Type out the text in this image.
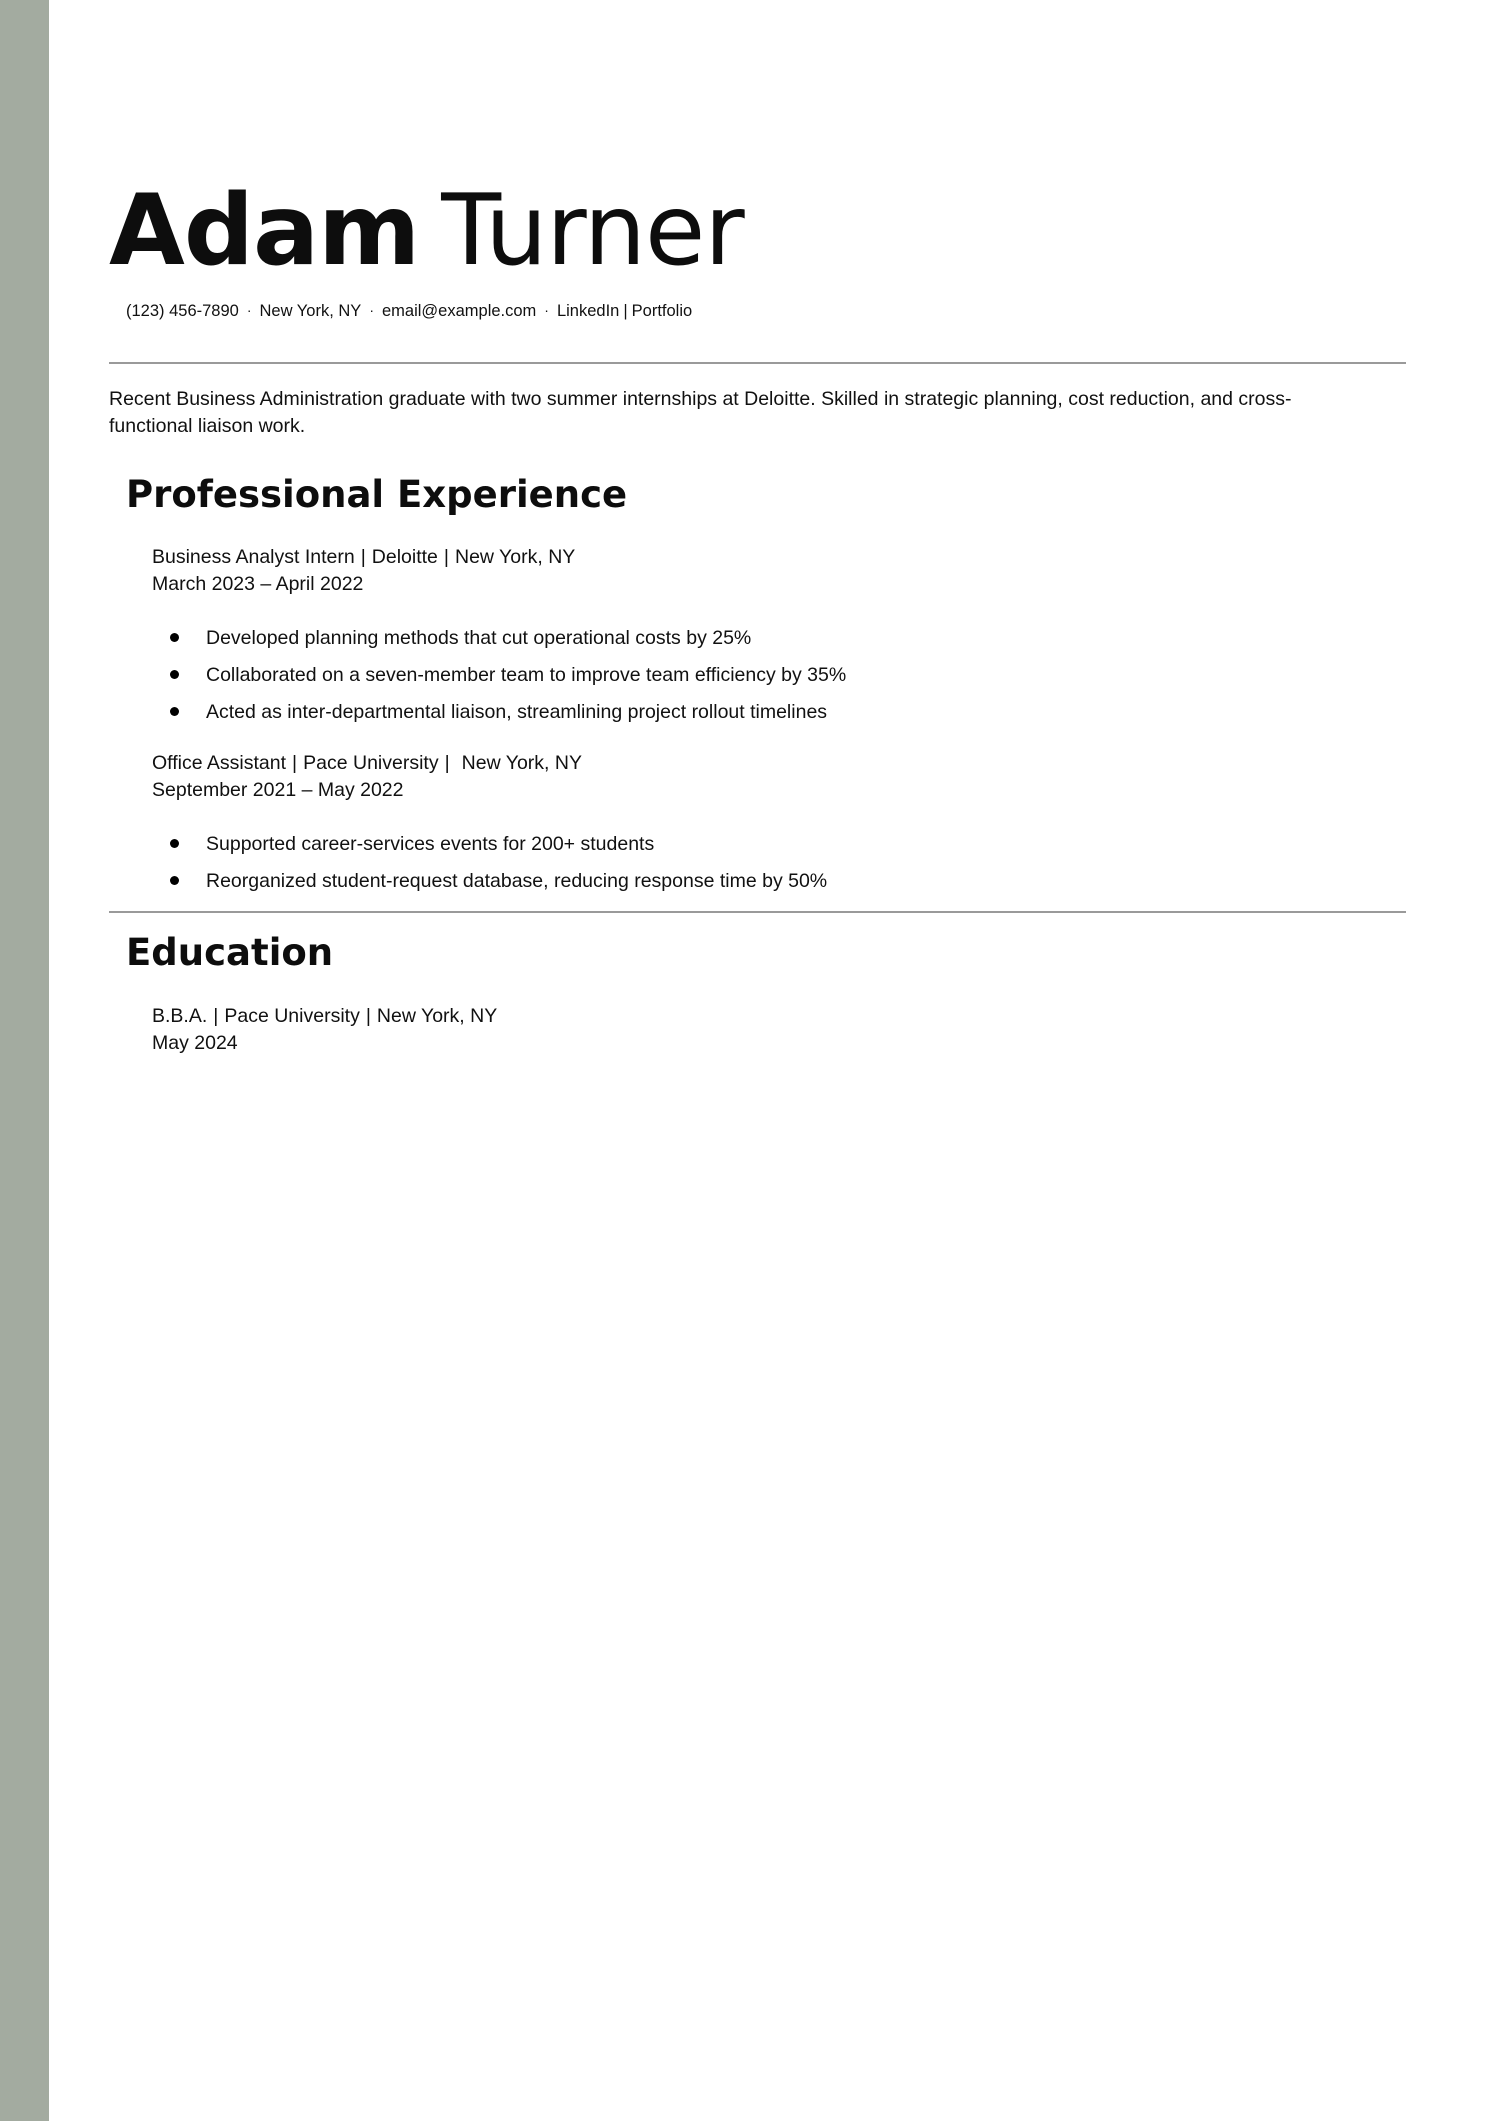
Adam Turner
(123) 456-7890 · New York, NY · email@example.com · LinkedIn | Portfolio
Recent Business Administration graduate with two summer internships at Deloitte. Skilled in strategic planning, cost reduction, and cross-functional liaison work.
Professional Experience
Business Analyst Intern | Deloitte | New York, NY
March 2023 – April 2022
Developed planning methods that cut operational costs by 25%
Collaborated on a seven-member team to improve team efficiency by 35%
Acted as inter-departmental liaison, streamlining project rollout timelines
Office Assistant | Pace University | New York, NY
September 2021 – May 2022
Supported career-services events for 200+ students
Reorganized student-request database, reducing response time by 50%
Education
B.B.A. | Pace University | New York, NY
May 2024
